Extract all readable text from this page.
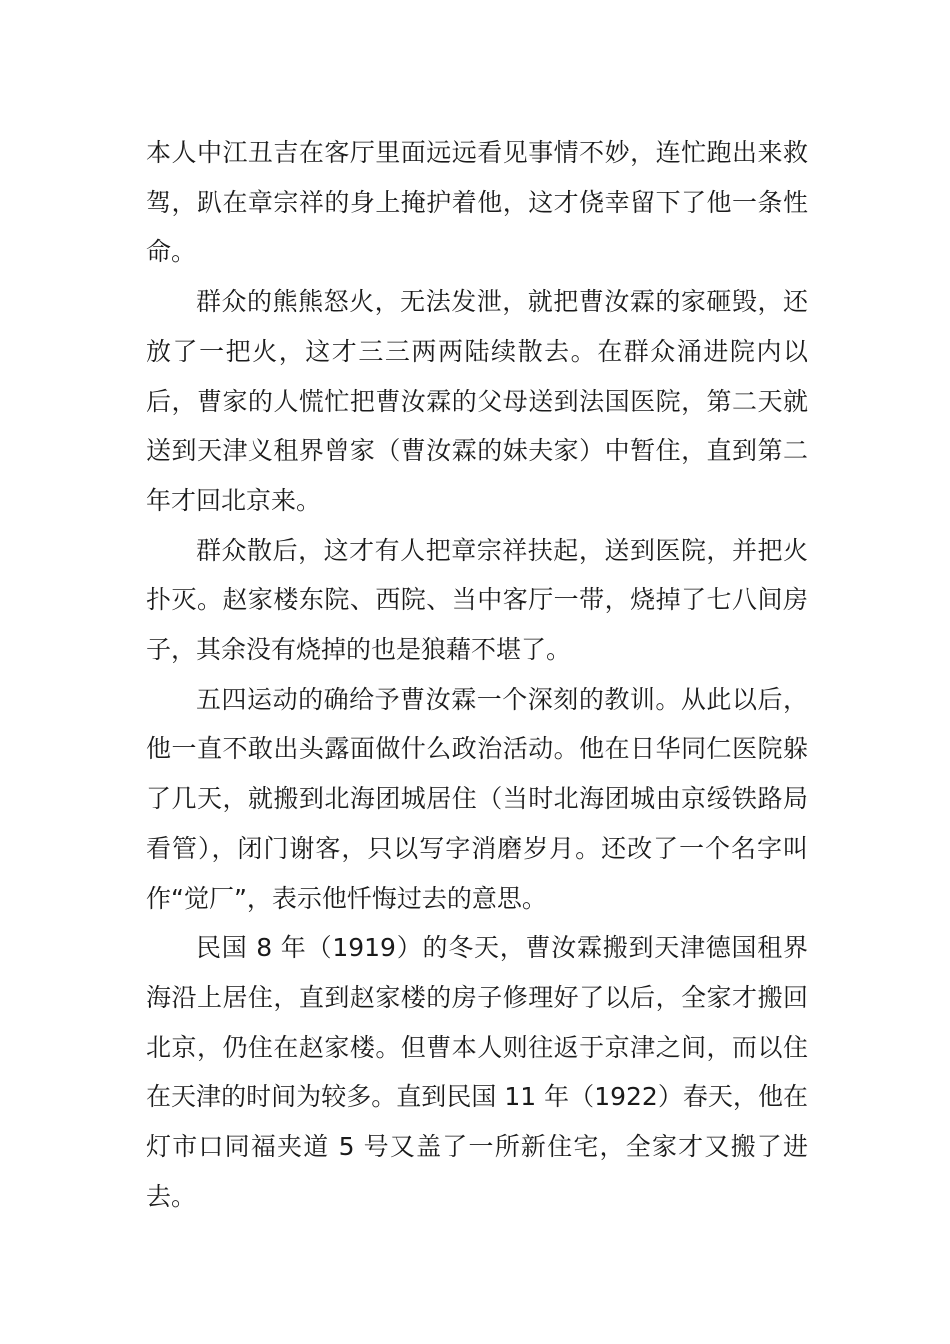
本人中江丑吉在客厅里面远远看见事情不妙，连忙跑出来救驾，趴在章宗祥的身上掩护着他，这才侥幸留下了他一条性命。

群众的熊熊怒火，无法发泄，就把曹汝霖的家砸毁，还放了一把火，这才三三两两陆续散去。在群众涌进院内以后，曹家的人慌忙把曹汝霖的父母送到法国医院，第二天就送到天津义租界曾家（曹汝霖的妹夫家）中暂住，直到第二年才回北京来。

群众散后，这才有人把章宗祥扶起，送到医院，并把火扑灭。赵家楼东院、西院、当中客厅一带，烧掉了七八间房子，其余没有烧掉的也是狼藉不堪了。

五四运动的确给予曹汝霖一个深刻的教训。从此以后，他一直不敢出头露面做什么政治活动。他在日华同仁医院躲了几天，就搬到北海团城居住（当时北海团城由京绥铁路局看管），闭门谢客，只以写字消磨岁月。还改了一个名字叫作“觉厂”，表示他忏悔过去的意思。

民国 8 年（1919）的冬天，曹汝霖搬到天津德国租界海沿上居住，直到赵家楼的房子修理好了以后，全家才搬回北京，仍住在赵家楼。但曹本人则往返于京津之间，而以住在天津的时间为较多。直到民国 11 年（1922）春天，他在灯市口同福夹道 5 号又盖了一所新住宅，全家才又搬了进去。
